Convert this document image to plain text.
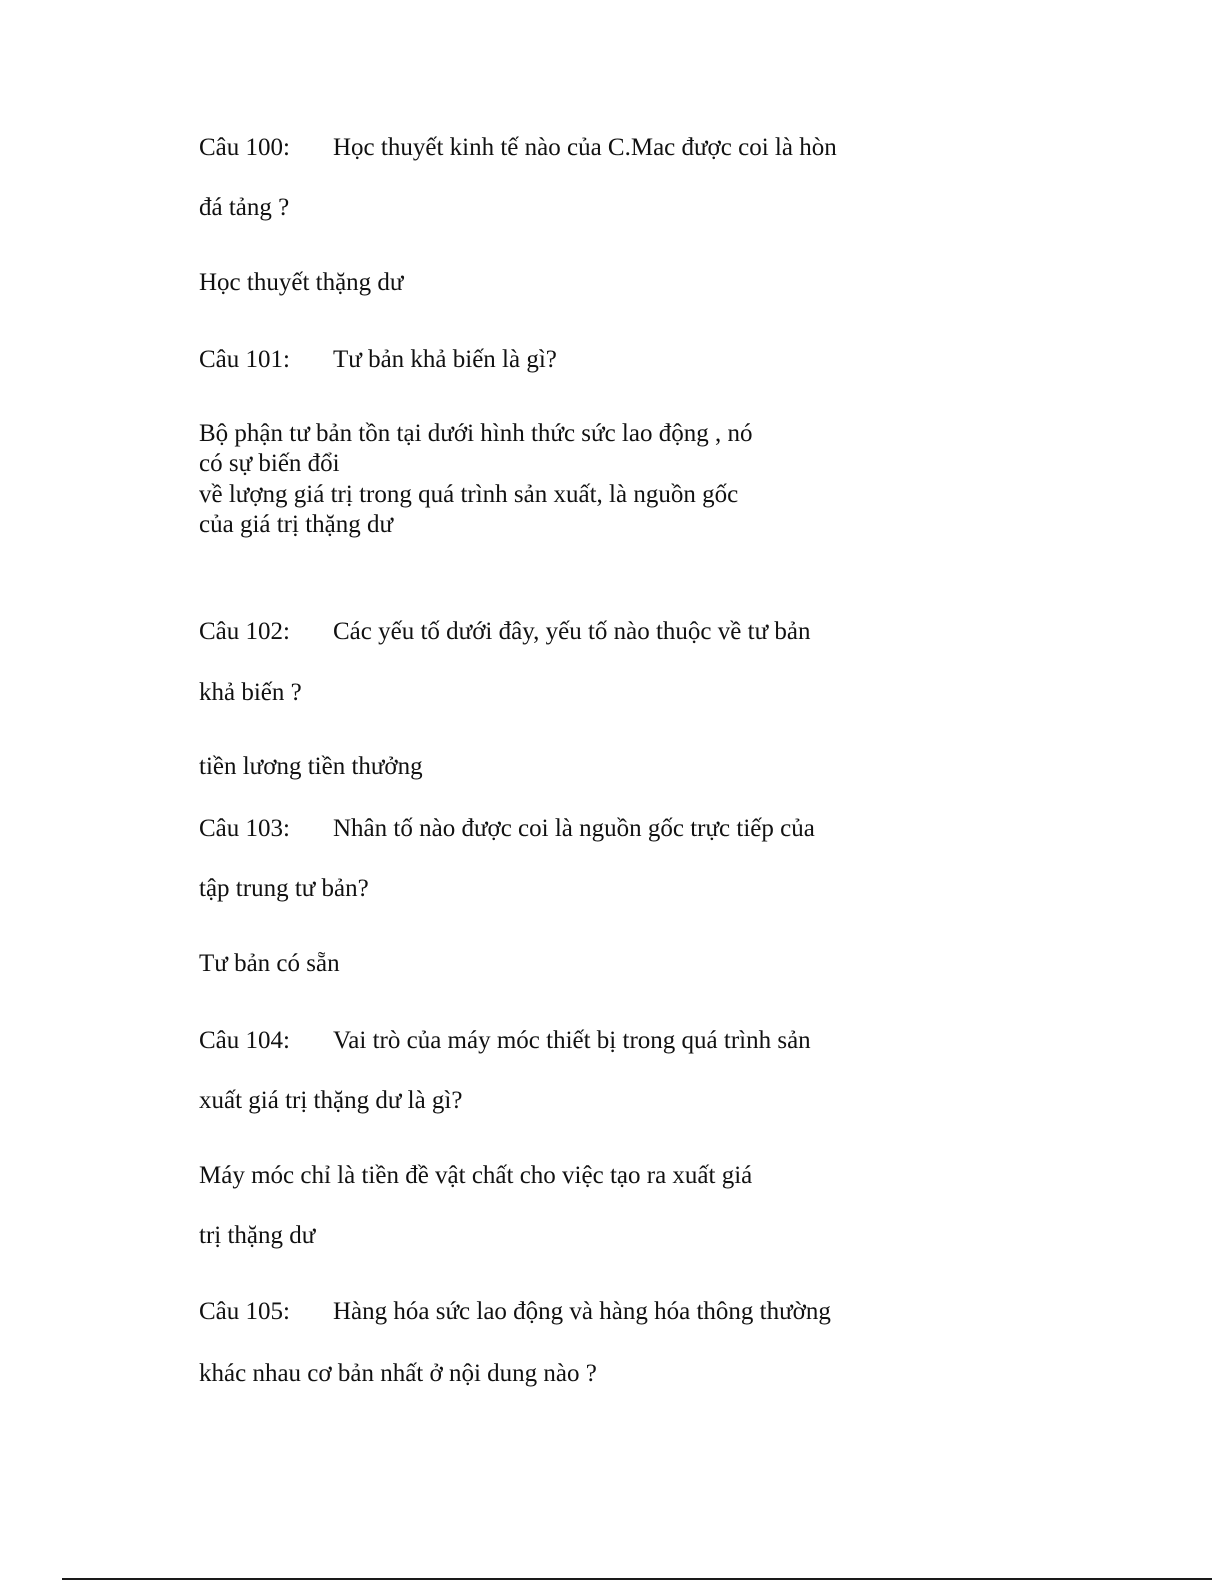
Câu 100: Học thuyết kinh tế nào của C.Mac được coi là hòn
đá tảng ?
Học thuyết thặng dư
Câu 101: Tư bản khả biến là gì?
Bộ phận tư bản tồn tại dưới hình thức sức lao động , nó
có sự biến đổi
về lượng giá trị trong quá trình sản xuất, là nguồn gốc
của giá trị thặng dư
Câu 102: Các yếu tố dưới đây, yếu tố nào thuộc về tư bản
khả biến ?
tiền lương tiền thưởng
Câu 103: Nhân tố nào được coi là nguồn gốc trực tiếp của
tập trung tư bản?
Tư bản có sẵn
Câu 104: Vai trò của máy móc thiết bị trong quá trình sản
xuất giá trị thặng dư là gì?
Máy móc chỉ là tiền đề vật chất cho việc tạo ra xuất giá
trị thặng dư
Câu 105: Hàng hóa sức lao động và hàng hóa thông thường
khác nhau cơ bản nhất ở nội dung nào ?
